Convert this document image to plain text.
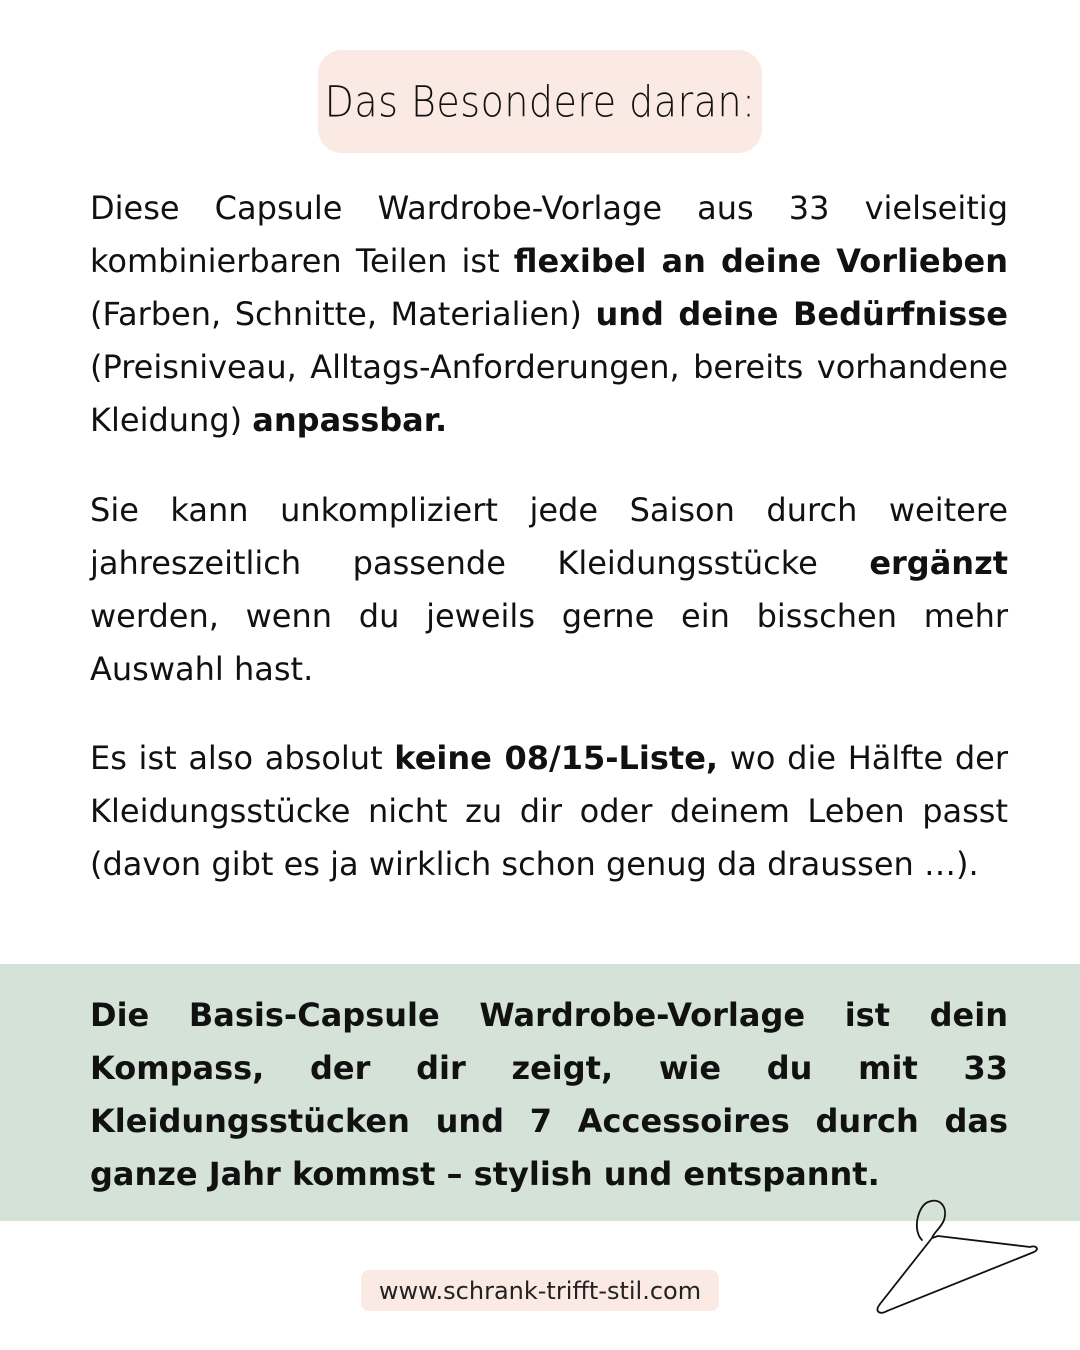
Das Besondere daran:

Diese Capsule Wardrobe-Vorlage aus 33 vielseitig kombinierbaren Teilen ist flexibel an deine Vorlieben (Farben, Schnitte, Materialien) und deine Bedürfnisse (Preisniveau, Alltags-Anforderungen, bereits vorhandene Kleidung) anpassbar.

Sie kann unkompliziert jede Saison durch weitere jahreszeitlich passende Kleidungsstücke ergänzt werden, wenn du jeweils gerne ein bisschen mehr Auswahl hast.

Es ist also absolut keine 08/15-Liste, wo die Hälfte der Kleidungsstücke nicht zu dir oder deinem Leben passt (davon gibt es ja wirklich schon genug da draussen …).

Die Basis-Capsule Wardrobe-Vorlage ist dein Kompass, der dir zeigt, wie du mit 33 Kleidungsstücken und 7 Accessoires durch das ganze Jahr kommst – stylish und entspannt.

www.schrank-trifft-stil.com
